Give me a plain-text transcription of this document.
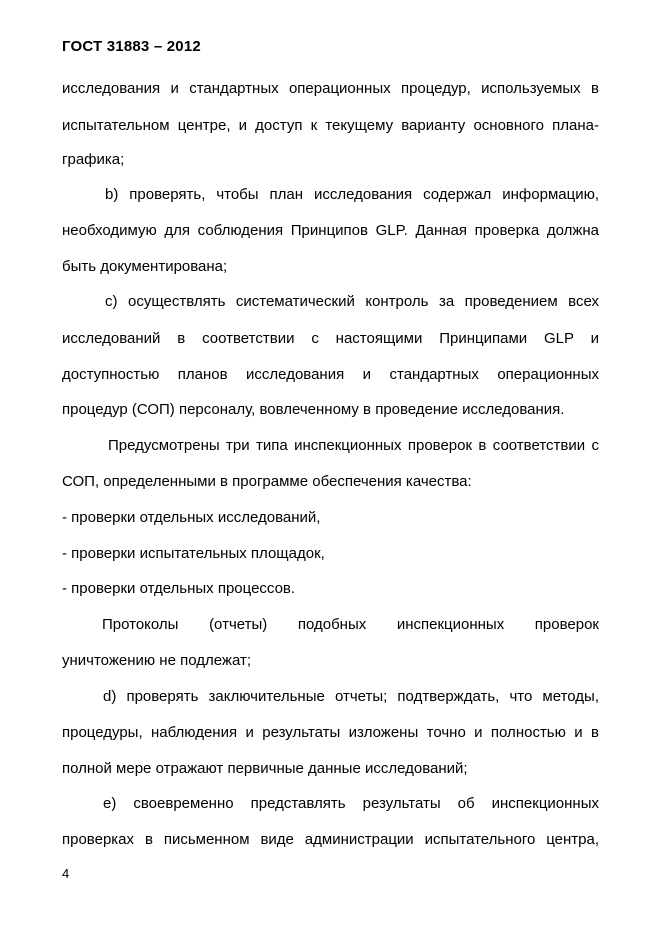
ГОСТ 31883 – 2012
исследования и стандартных операционных процедур, используемых в
испытательном центре, и доступ к текущему варианту основного плана-
графика;
b) проверять, чтобы план исследования содержал информацию,
необходимую для соблюдения Принципов GLP. Данная проверка должна
быть документирована;
с) осуществлять систематический контроль за проведением всех
исследований в соответствии с настоящими Принципами GLP и
доступностью планов исследования и стандартных операционных
процедур (СОП) персоналу, вовлеченному в проведение исследования.
Предусмотрены три типа инспекционных проверок в соответствии с
СОП, определенными в программе обеспечения качества:
- проверки отдельных исследований,
- проверки испытательных площадок,
- проверки отдельных процессов.
Протоколы (отчеты) подобных инспекционных проверок
уничтожению не подлежат;
d) проверять заключительные отчеты; подтверждать, что методы,
процедуры, наблюдения и результаты изложены точно и полностью и в
полной мере отражают первичные данные исследований;
е) своевременно представлять результаты об инспекционных
проверках в письменном виде администрации испытательного центра,
4
